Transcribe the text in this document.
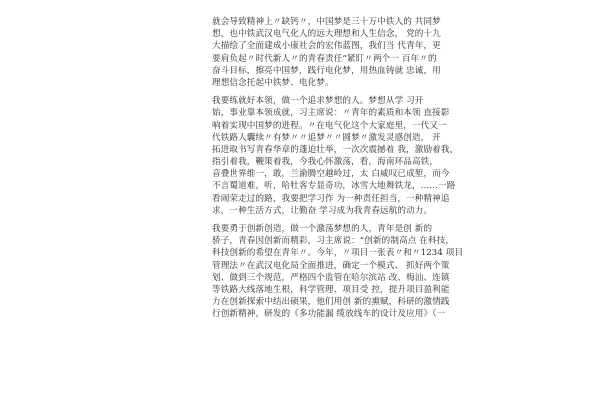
就会导致精神上〃缺钙〃，中国梦是三十万中铁人的 共同梦
想，也中铁武汉电气化人的远大理想和人生信念， 党的十九
大描绘了全面建成小康社会的宏伟蓝图，我们当 代青年，更
要肩负起〃时代新人〃的青春责任“紧盯〃两个一 百年〃的
奋斗目标，擦亮中国梦，践行电化梦，用热血铸就 忠诚，用
理想信念托起中铁梦、电化梦。
我要练就好本领，做一个追求梦想的人。梦想从学 习开
始，事业靠本领成就，习主席说：〃青年的素质和本领 直接影
响着实现中国梦的进程。〃在电气化这个大家庭里，一代又一
代铁路人囊续〃有梦〃〃追梦〃〃圆梦〃激发灵感创造， 开
拓进取书写青春华章的蓬迫壮举，一次次震撼着 我，激励着我，
指引着我，鞭策着我，今我心怀激荡，看，海南环品高铁，
音叠世界维一，敢，兰渝腾空越岭过，太 白威叹已成堑，而今
不言蜀道难，听，哈牡客专显奇功，冰雪大地舞铁龙，……一路
看闹荣走过的路，我要把学习作 为一种责任担当，一种精神追
求，一种生活方式，让勤奋 学习成为我青春远航的动力。
我要勇于创新创造，做一个激荡梦想的人，青年是创 新的
骄子，青春因创新而精彩，习主席说：“创新的制高点 在科技，
科技创新的希望在青年〃。今年，〃项目一张表〃和〃1234 项目
管理法〃在武汉电化局全面推进，确定一个模式、 抓好两个策
划、做到三个规范，严格四个监管在哈尔滨站 改、梅汕、连镇
等铁路大线落地生根，科学管理、项目受 控，提升项目盈利能
力在创新探索中结出硕果，他们用创 新的熏赋，科研的激情践
行创新精神，研发的《多功能漏 缆放线车的设计及应用》（一
